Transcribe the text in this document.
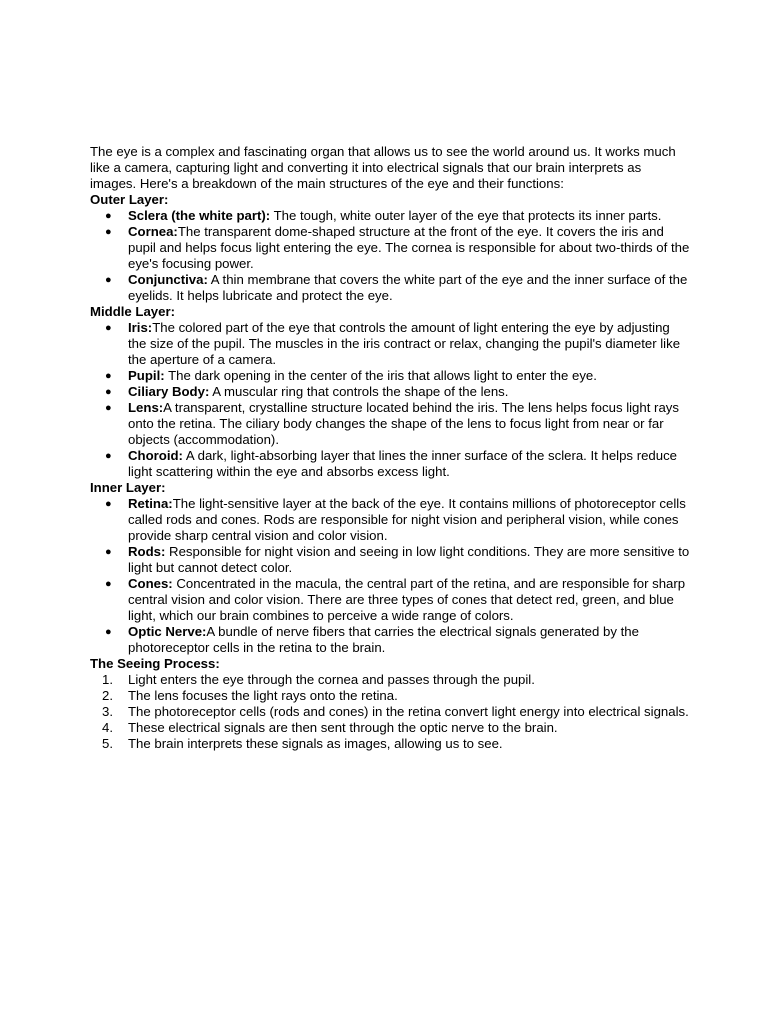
The eye is a complex and fascinating organ that allows us to see the world around us. It works much like a camera, capturing light and converting it into electrical signals that our brain interprets as images. Here's a breakdown of the main structures of the eye and their functions:

Outer Layer:

●	Sclera (the white part): The tough, white outer layer of the eye that protects its inner parts.
●	Cornea:The transparent dome-shaped structure at the front of the eye. It covers the iris and pupil and helps focus light entering the eye. The cornea is responsible for about two-thirds of the eye's focusing power.
●	Conjunctiva: A thin membrane that covers the white part of the eye and the inner surface of the eyelids. It helps lubricate and protect the eye.

Middle Layer:

●	Iris:The colored part of the eye that controls the amount of light entering the eye by adjusting the size of the pupil. The muscles in the iris contract or relax, changing the pupil's diameter like the aperture of a camera.
●	Pupil: The dark opening in the center of the iris that allows light to enter the eye.
●	Ciliary Body: A muscular ring that controls the shape of the lens.
●	Lens:A transparent, crystalline structure located behind the iris. The lens helps focus light rays onto the retina. The ciliary body changes the shape of the lens to focus light from near or far objects (accommodation).
●	Choroid: A dark, light-absorbing layer that lines the inner surface of the sclera. It helps reduce light scattering within the eye and absorbs excess light.

Inner Layer:

●	Retina:The light-sensitive layer at the back of the eye. It contains millions of photoreceptor cells called rods and cones. Rods are responsible for night vision and peripheral vision, while cones provide sharp central vision and color vision.
●	Rods: Responsible for night vision and seeing in low light conditions. They are more sensitive to light but cannot detect color.
●	Cones: Concentrated in the macula, the central part of the retina, and are responsible for sharp central vision and color vision. There are three types of cones that detect red, green, and blue light, which our brain combines to perceive a wide range of colors.
●	Optic Nerve:A bundle of nerve fibers that carries the electrical signals generated by the photoreceptor cells in the retina to the brain.

The Seeing Process:

1.	Light enters the eye through the cornea and passes through the pupil.
2.	The lens focuses the light rays onto the retina.
3.	The photoreceptor cells (rods and cones) in the retina convert light energy into electrical signals.
4.	These electrical signals are then sent through the optic nerve to the brain.
5.	The brain interprets these signals as images, allowing us to see.
